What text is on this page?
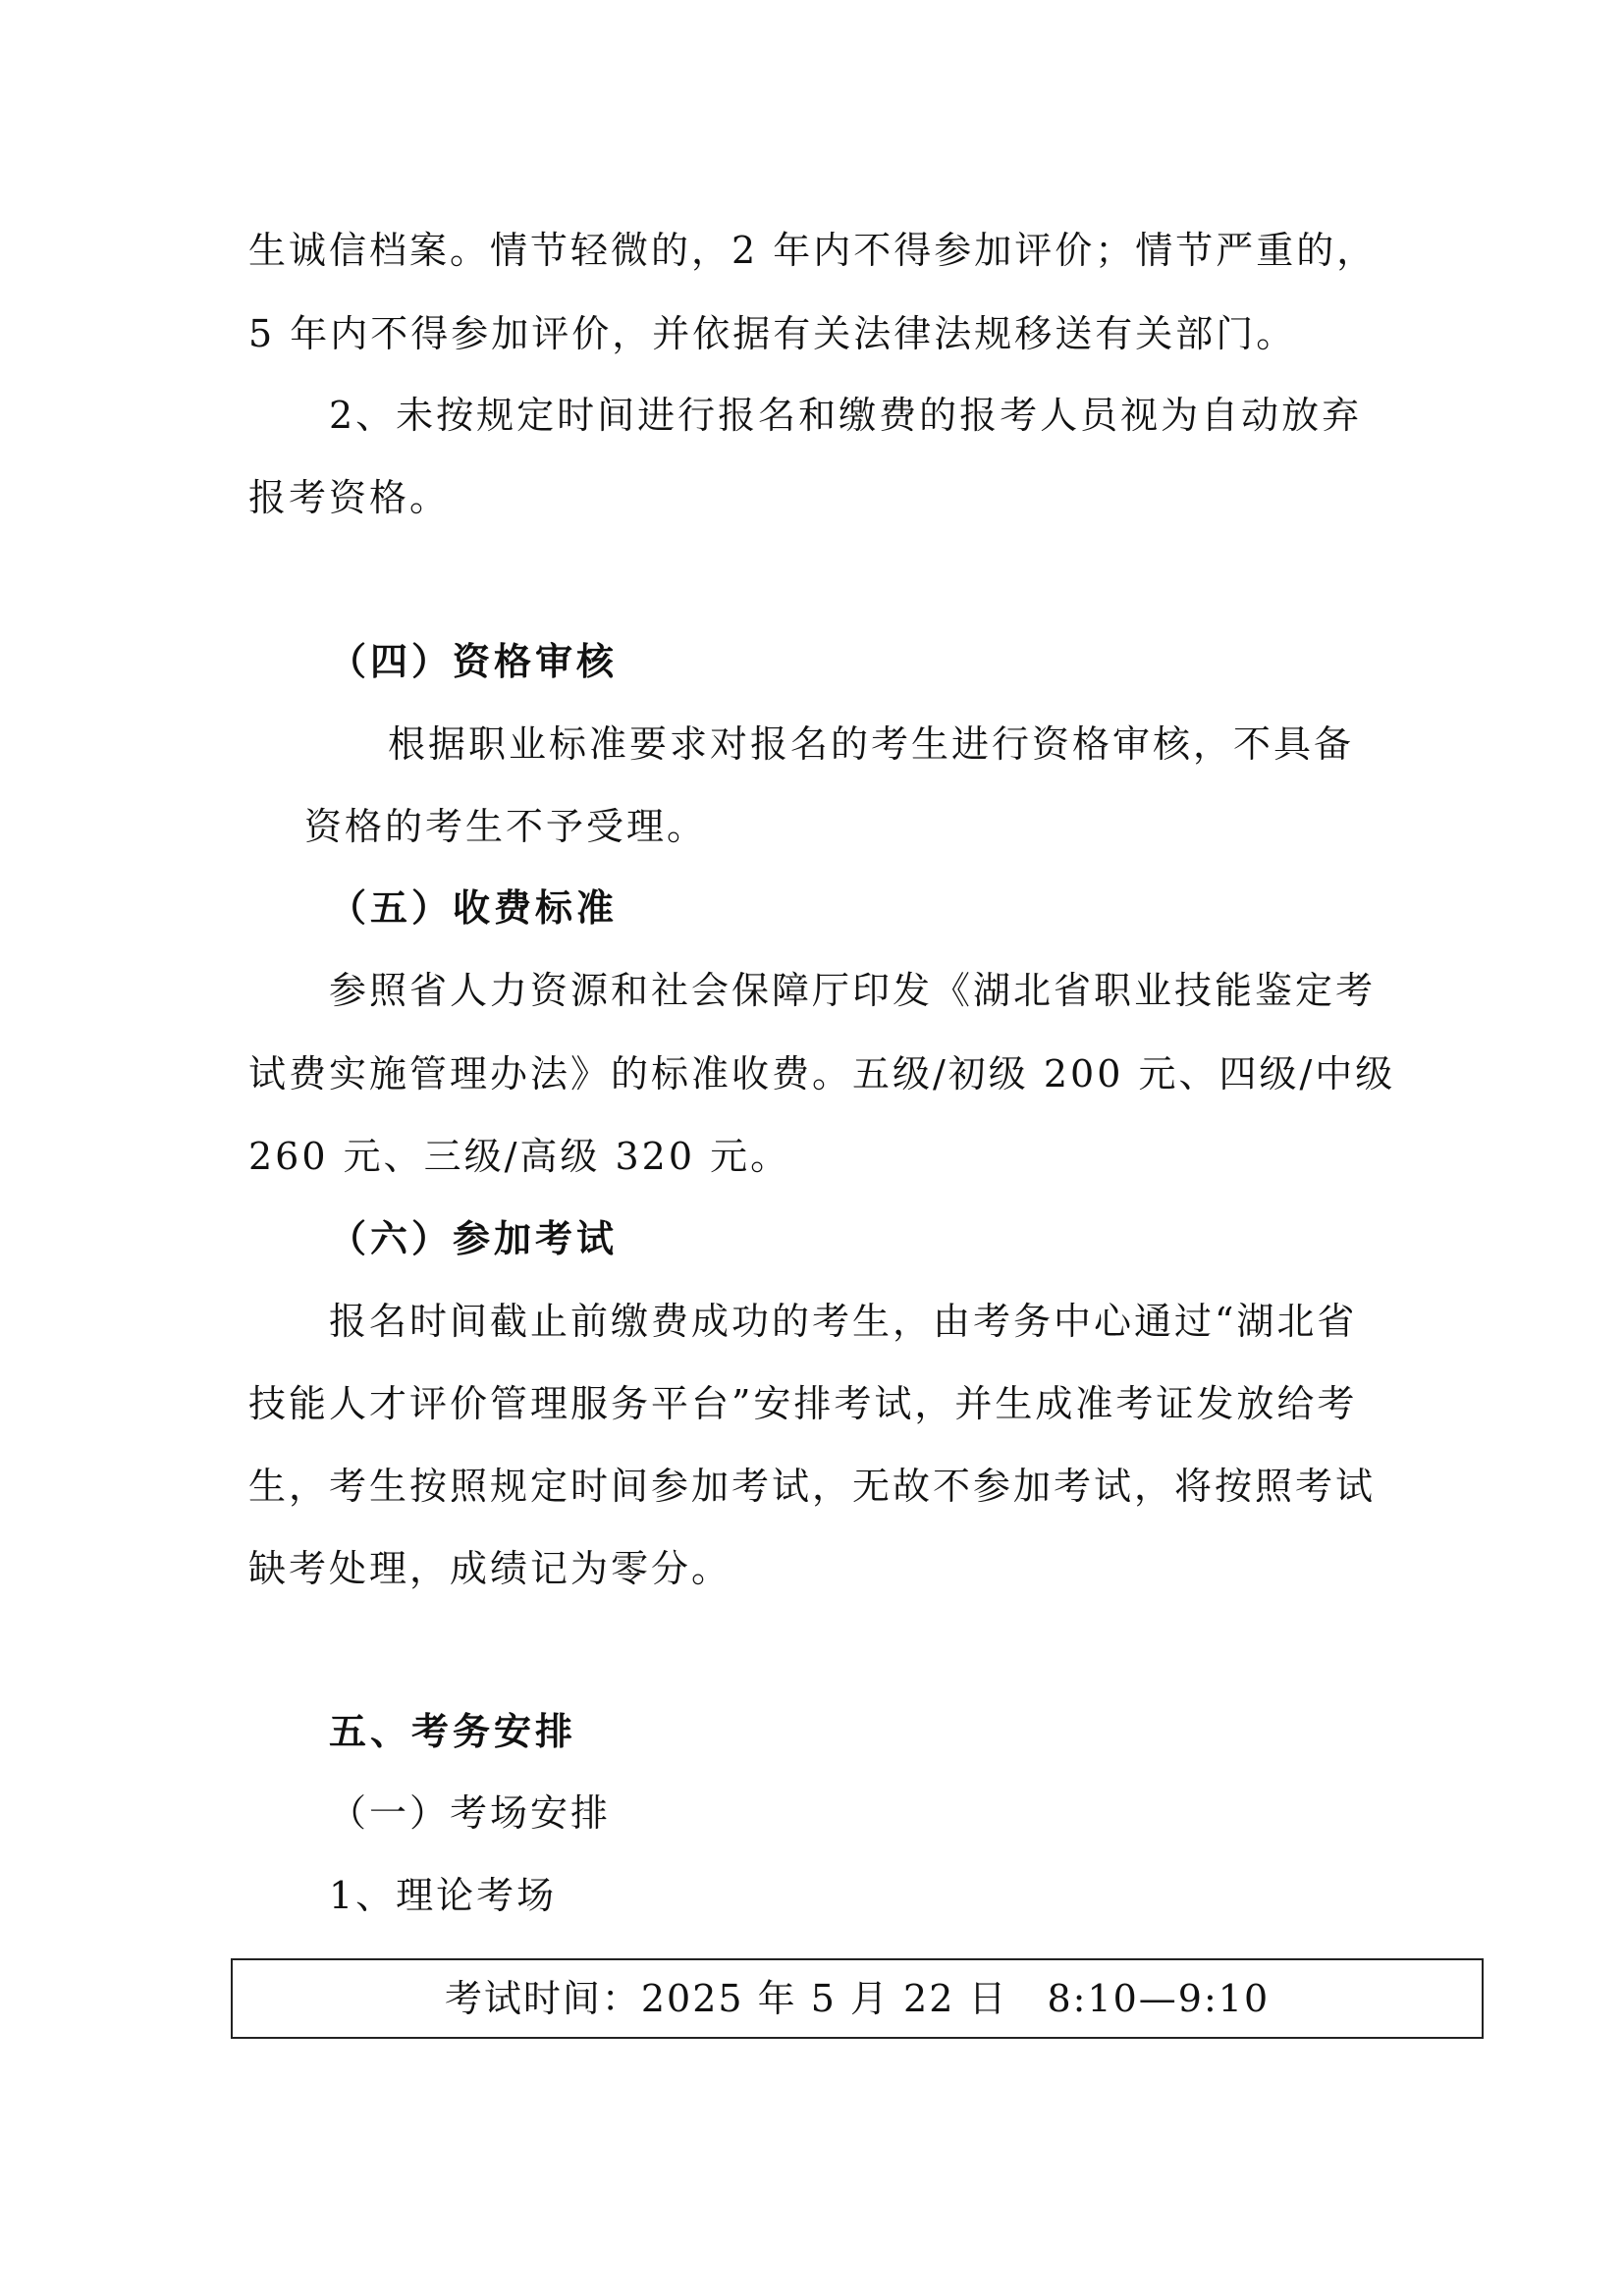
生诚信档案。情节轻微的，2 年内不得参加评价；情节严重的，
5 年内不得参加评价，并依据有关法律法规移送有关部门。
2、未按规定时间进行报名和缴费的报考人员视为自动放弃
报考资格。
（四）资格审核
根据职业标准要求对报名的考生进行资格审核，不具备
资格的考生不予受理。
（五）收费标准
参照省人力资源和社会保障厅印发《湖北省职业技能鉴定考
试费实施管理办法》的标准收费。五级/初级 200 元、四级/中级
260 元、三级/高级 320 元。
（六）参加考试
报名时间截止前缴费成功的考生，由考务中心通过“湖北省
技能人才评价管理服务平台”安排考试，并生成准考证发放给考
生，考生按照规定时间参加考试，无故不参加考试，将按照考试
缺考处理，成绩记为零分。
五、考务安排
（一）考场安排
1、理论考场
考试时间：2025 年 5 月 22 日　8:10—9:10
